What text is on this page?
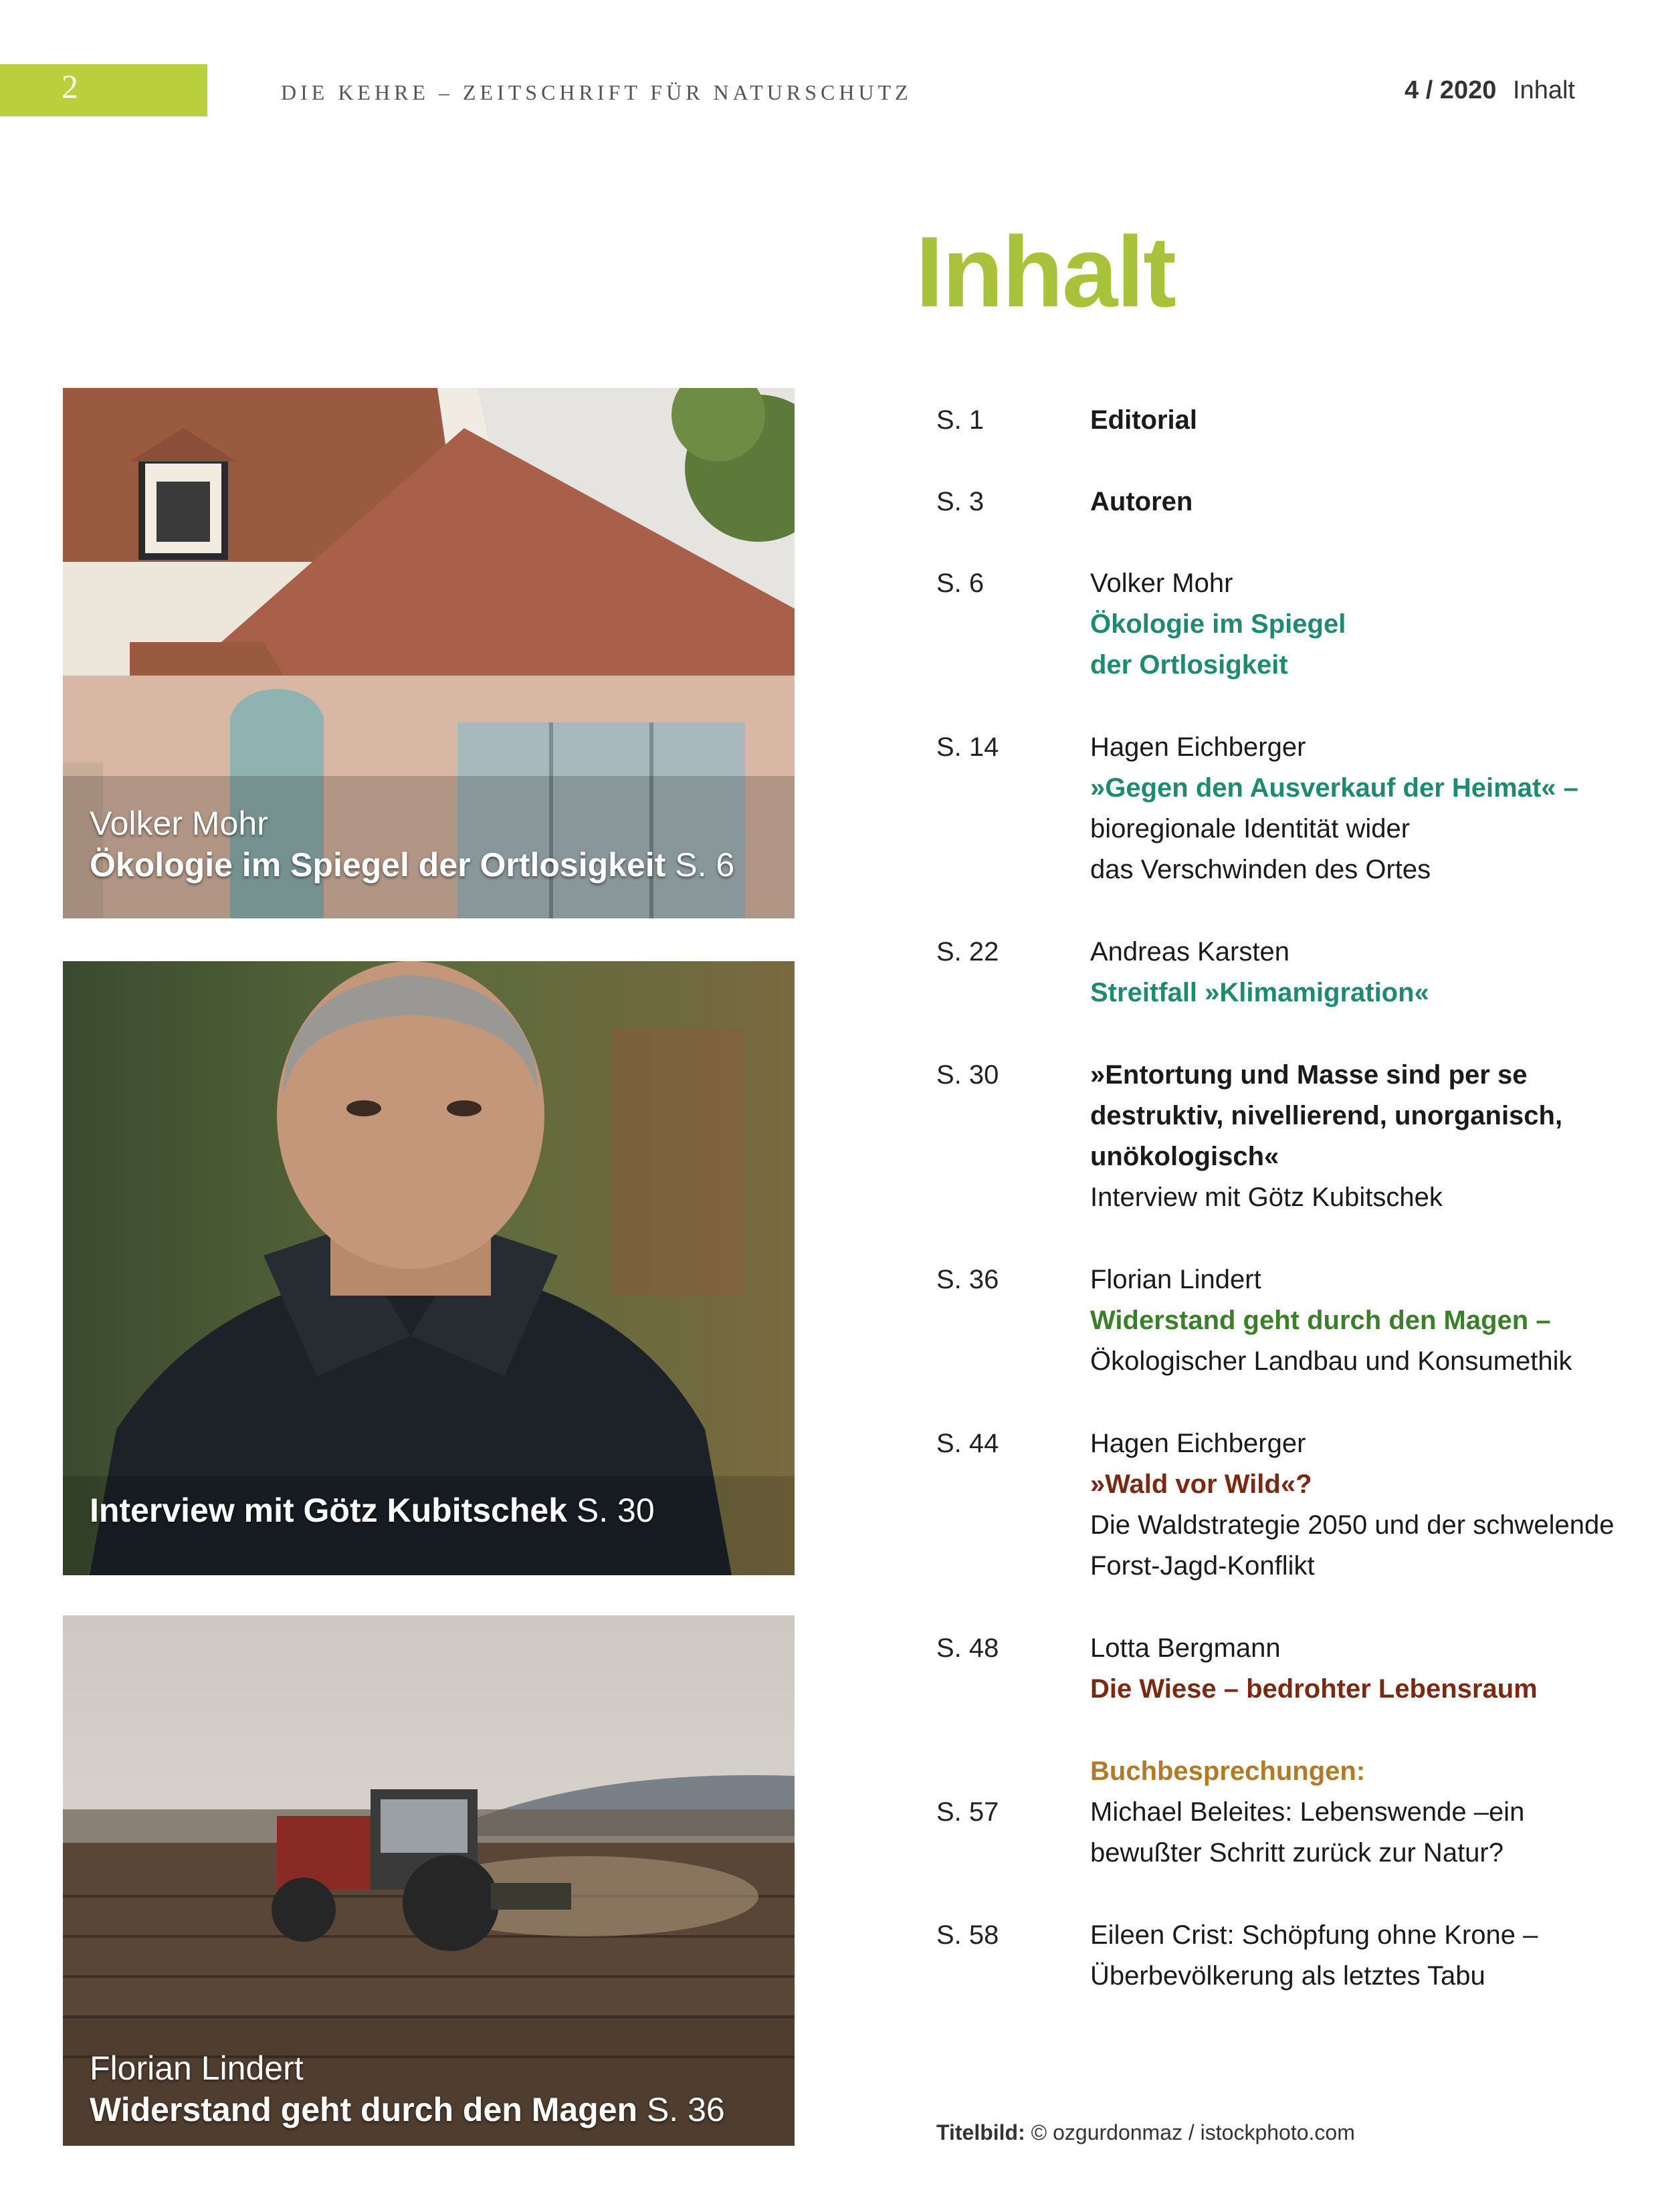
2	DIE KEHRE – ZEITSCHRIFT FÜR NATURSCHUTZ	4 / 2020 Inhalt
Inhalt
Volker Mohr
Ökologie im Spiegel der Ortlosigkeit S. 6
Interview mit Götz Kubitschek S. 30
Florian Lindert
Widerstand geht durch den Magen S. 36
S. 1	Editorial
S. 3	Autoren
S. 6	Volker Mohr
Ökologie im Spiegel
der Ortlosigkeit
S. 14	Hagen Eichberger
»Gegen den Ausverkauf der Heimat« –
bioregionale Identität wider
das Verschwinden des Ortes
S. 22	Andreas Karsten
Streitfall »Klimamigration«
S. 30	»Entortung und Masse sind per se
destruktiv, nivellierend, unorganisch,
unökologisch«
Interview mit Götz Kubitschek
S. 36	Florian Lindert
Widerstand geht durch den Magen –
Ökologischer Landbau und Konsumethik
S. 44	Hagen Eichberger
»Wald vor Wild«?
Die Waldstrategie 2050 und der schwelende
Forst-Jagd-Konflikt
S. 48	Lotta Bergmann
Die Wiese – bedrohter Lebensraum
Buchbesprechungen:
S. 57	Michael Beleites: Lebenswende –ein
bewußter Schritt zurück zur Natur?
S. 58	Eileen Crist: Schöpfung ohne Krone –
Überbevölkerung als letztes Tabu
Titelbild: © ozgurdonmaz / istockphoto.com
